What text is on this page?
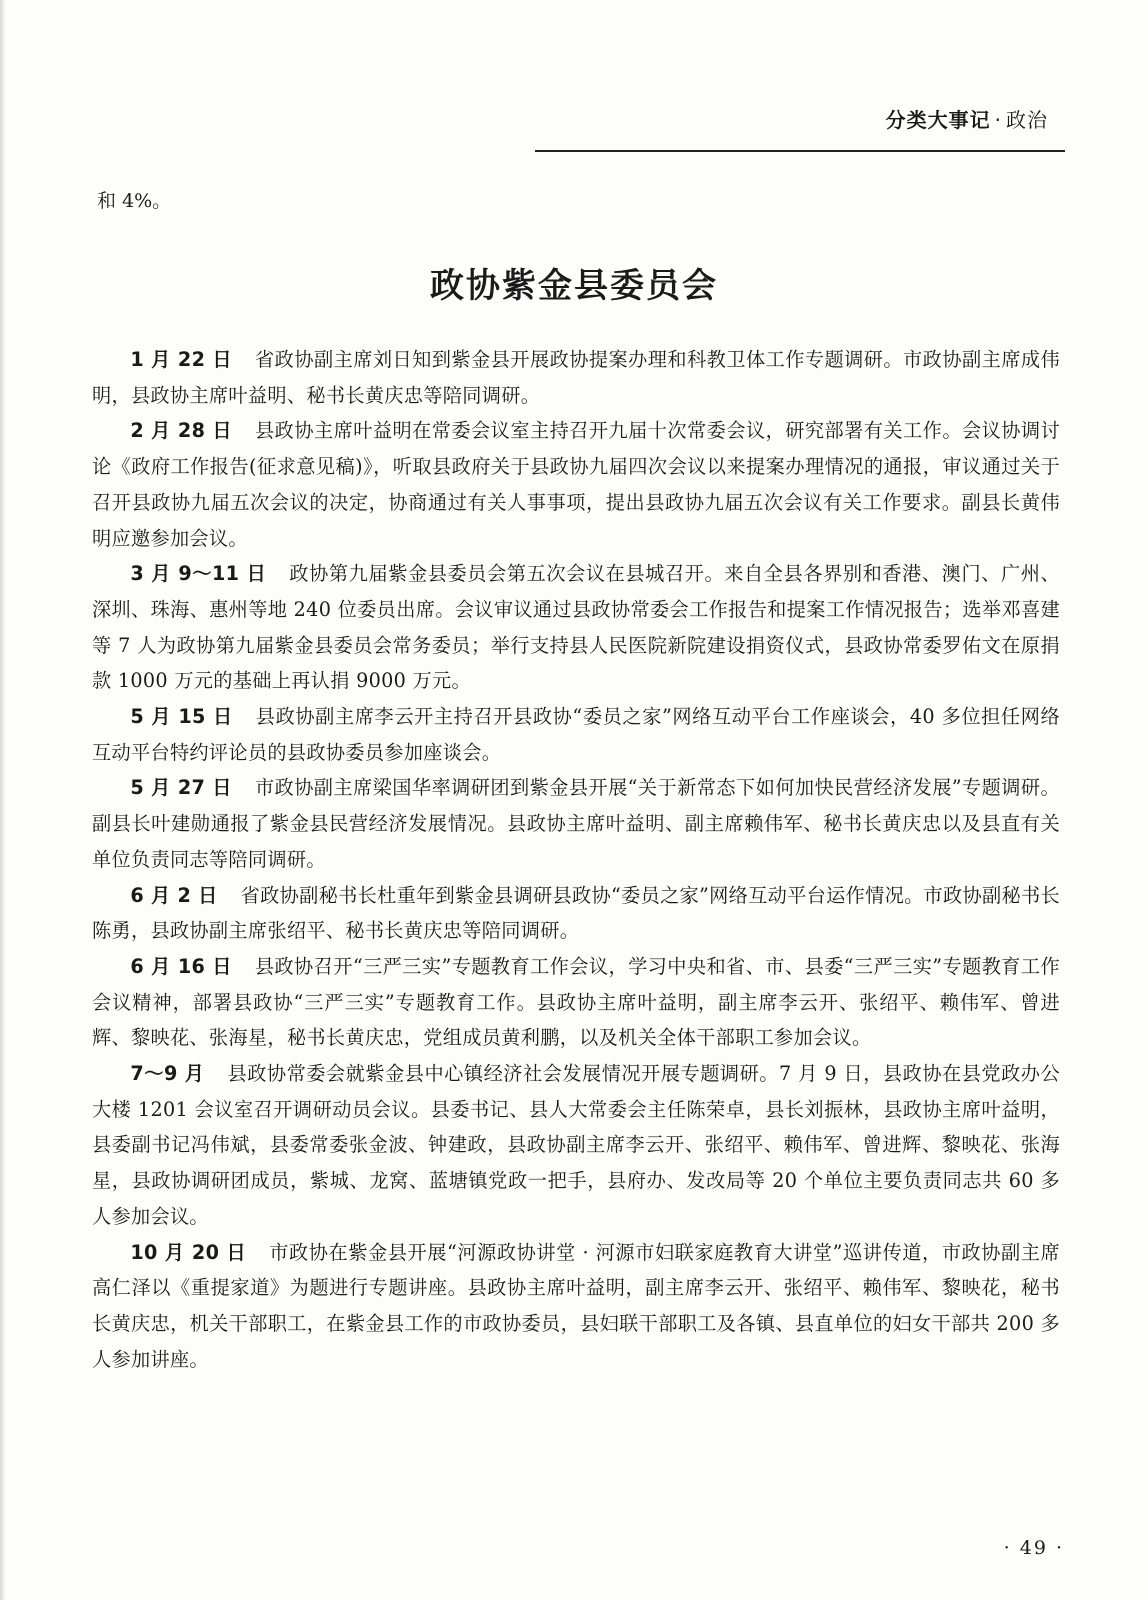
分类大事记 · 政治
和 4%。
政协紫金县委员会

1 月 22 日 省政协副主席刘日知到紫金县开展政协提案办理和科教卫体工作专题调研。市政协副主席成伟明，县政协主席叶益明、秘书长黄庆忠等陪同调研。

2 月 28 日 县政协主席叶益明在常委会议室主持召开九届十次常委会议，研究部署有关工作。会议协调讨论《政府工作报告(征求意见稿)》，听取县政府关于县政协九届四次会议以来提案办理情况的通报，审议通过关于召开县政协九届五次会议的决定，协商通过有关人事事项，提出县政协九届五次会议有关工作要求。副县长黄伟明应邀参加会议。

3 月 9～11 日 政协第九届紫金县委员会第五次会议在县城召开。来自全县各界别和香港、澳门、广州、深圳、珠海、惠州等地 240 位委员出席。会议审议通过县政协常委会工作报告和提案工作情况报告；选举邓喜建等 7 人为政协第九届紫金县委员会常务委员；举行支持县人民医院新院建设捐资仪式，县政协常委罗佑文在原捐款 1000 万元的基础上再认捐 9000 万元。

5 月 15 日 县政协副主席李云开主持召开县政协“委员之家”网络互动平台工作座谈会，40 多位担任网络互动平台特约评论员的县政协委员参加座谈会。

5 月 27 日 市政协副主席梁国华率调研团到紫金县开展“关于新常态下如何加快民营经济发展”专题调研。副县长叶建勋通报了紫金县民营经济发展情况。县政协主席叶益明、副主席赖伟军、秘书长黄庆忠以及县直有关单位负责同志等陪同调研。

6 月 2 日 省政协副秘书长杜重年到紫金县调研县政协“委员之家”网络互动平台运作情况。市政协副秘书长陈勇，县政协副主席张绍平、秘书长黄庆忠等陪同调研。

6 月 16 日 县政协召开“三严三实”专题教育工作会议，学习中央和省、市、县委“三严三实”专题教育工作会议精神，部署县政协“三严三实”专题教育工作。县政协主席叶益明，副主席李云开、张绍平、赖伟军、曾进辉、黎映花、张海星，秘书长黄庆忠，党组成员黄利鹏，以及机关全体干部职工参加会议。

7～9 月 县政协常委会就紫金县中心镇经济社会发展情况开展专题调研。7 月 9 日，县政协在县党政办公大楼 1201 会议室召开调研动员会议。县委书记、县人大常委会主任陈荣卓，县长刘振林，县政协主席叶益明，县委副书记冯伟斌，县委常委张金波、钟建政，县政协副主席李云开、张绍平、赖伟军、曾进辉、黎映花、张海星，县政协调研团成员，紫城、龙窝、蓝塘镇党政一把手，县府办、发改局等 20 个单位主要负责同志共 60 多人参加会议。

10 月 20 日 市政协在紫金县开展“河源政协讲堂 · 河源市妇联家庭教育大讲堂”巡讲传道，市政协副主席高仁泽以《重提家道》为题进行专题讲座。县政协主席叶益明，副主席李云开、张绍平、赖伟军、黎映花，秘书长黄庆忠，机关干部职工，在紫金县工作的市政协委员，县妇联干部职工及各镇、县直单位的妇女干部共 200 多人参加讲座。

· 49 ·
